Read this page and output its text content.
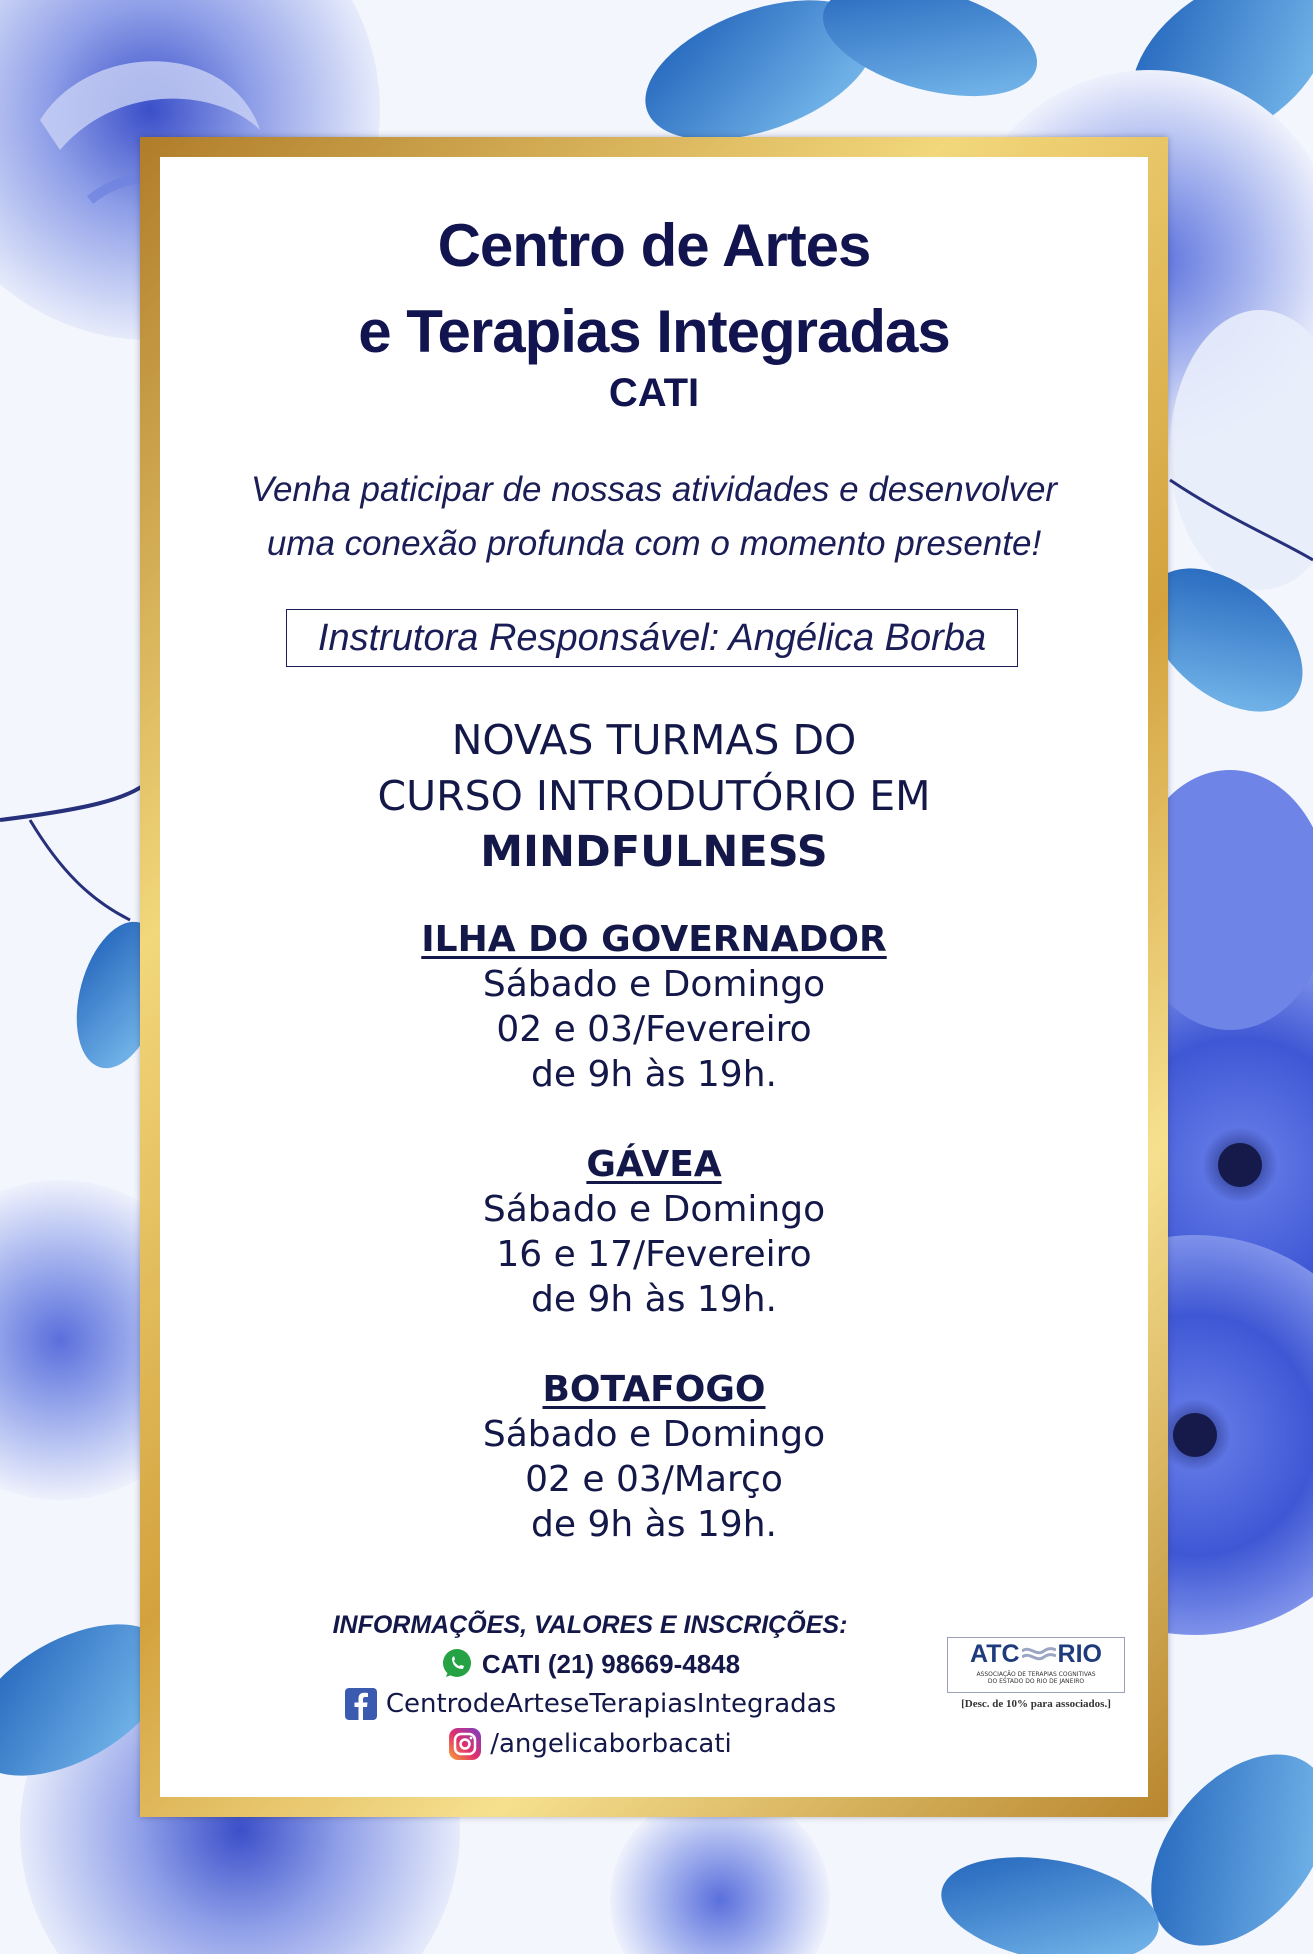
Centro de Artes
e Terapias Integradas
CATI
Venha paticipar de nossas atividades e desenvolver
uma conexão profunda com o momento presente!
Instrutora Responsável: Angélica Borba
NOVAS TURMAS DO
CURSO INTRODUTÓRIO EM
MINDFULNESS
ILHA DO GOVERNADOR
Sábado e Domingo
02 e 03/Fevereiro
de 9h às 19h.
GÁVEA
Sábado e Domingo
16 e 17/Fevereiro
de 9h às 19h.
BOTAFOGO
Sábado e Domingo
02 e 03/Março
de 9h às 19h.
INFORMAÇÕES, VALORES E INSCRIÇÕES:
CATI (21) 98669-4848
CentrodeArteseTerapiasIntegradas
/angelicaborbacati
ATC RIO
ASSOCIAÇÃO DE TERAPIAS COGNITIVAS
DO ESTADO DO RIO DE JANEIRO
[Desc. de 10% para associados.]
